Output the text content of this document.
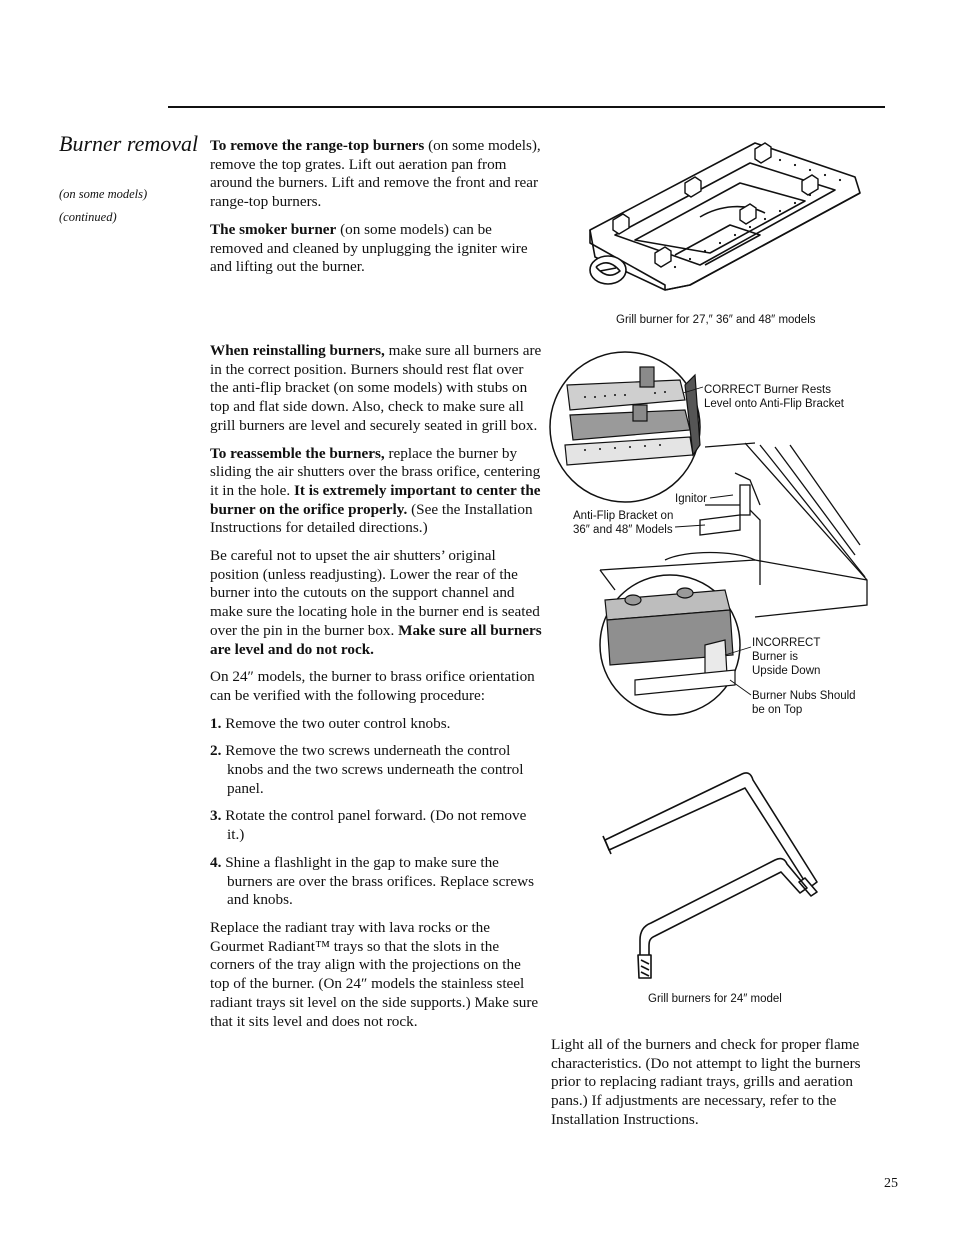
Burner removal
(on some models)
(continued)

To remove the range-top burners (on some models), remove the top grates. Lift out aeration pan from around the burners. Lift and remove the front and rear range-top burners.

The smoker burner (on some models) can be removed and cleaned by unplugging the igniter wire and lifting out the burner.

When reinstalling burners, make sure all burners are in the correct position. Burners should rest flat over the anti-flip bracket (on some models) with stubs on top and flat side down. Also, check to make sure all grill burners are level and securely seated in grill box.

To reassemble the burners, replace the burner by sliding the air shutters over the brass orifice, centering it in the hole. It is extremely important to center the burner on the orifice properly. (See the Installation Instructions for detailed directions.)

Be careful not to upset the air shutters’ original position (unless readjusting). Lower the rear of the burner into the cutouts on the support channel and make sure the locating hole in the burner end is seated over the pin in the burner box. Make sure all burners are level and do not rock.

On 24″ models, the burner to brass orifice orientation can be verified with the following procedure:

1. Remove the two outer control knobs.

2. Remove the two screws underneath the control knobs and the two screws underneath the control panel.

3. Rotate the control panel forward. (Do not remove it.)

4. Shine a flashlight in the gap to make sure the burners are over the brass orifices. Replace screws and knobs.

Replace the radiant tray with lava rocks or the Gourmet Radiant™ trays so that the slots in the corners of the tray align with the projections on the top of the burner. (On 24″ models the stainless steel radiant trays sit level on the side supports.) Make sure that it sits level and does not rock.

Light all of the burners and check for proper flame characteristics. (Do not attempt to light the burners prior to replacing radiant trays, grills and aeration pans.) If adjustments are necessary, refer to the Installation Instructions.

Grill burner for 27,″ 36″ and 48″ models

CORRECT Burner Rests
Level onto Anti-Flip Bracket

Ignitor

Anti-Flip Bracket on
36″ and 48″ Models

INCORRECT
Burner is
Upside Down

Burner Nubs Should
be on Top

Grill burners for 24″ model

25
